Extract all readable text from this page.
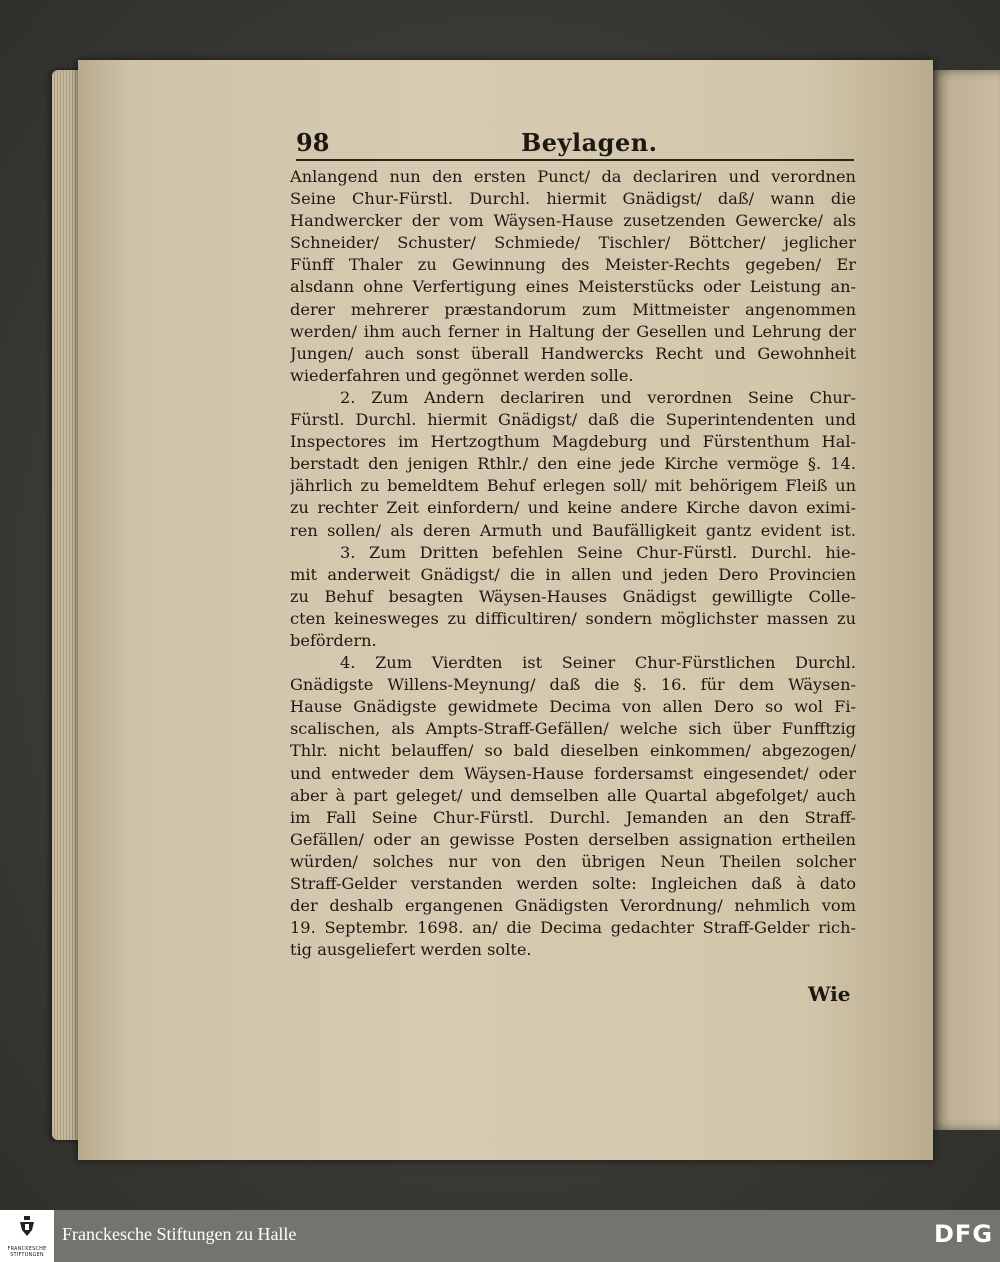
98	Beylagen.
Anlangend nun den ersten Punct/ da declariren und verordnen
Seine Chur-Fürstl. Durchl. hiermit Gnädigst/ daß/ wann die
Handwercker der vom Wäysen-Hause zusetzenden Gewercke/ als
Schneider/ Schuster/ Schmiede/ Tischler/ Böttcher/ jeglicher
Fünff Thaler zu Gewinnung des Meister-Rechts gegeben/ Er
alsdann ohne Verfertigung eines Meisterstücks oder Leistung an-
derer mehrerer præstandorum zum Mittmeister angenommen
werden/ ihm auch ferner in Haltung der Gesellen und Lehrung der
Jungen/ auch sonst überall Handwercks Recht und Gewohnheit
wiederfahren und gegönnet werden solle.
2. Zum Andern declariren und verordnen Seine Chur-
Fürstl. Durchl. hiermit Gnädigst/ daß die Superintendenten und
Inspectores im Hertzogthum Magdeburg und Fürstenthum Hal-
berstadt den jenigen Rthlr./ den eine jede Kirche vermöge §. 14.
jährlich zu bemeldtem Behuf erlegen soll/ mit behörigem Fleiß un
zu rechter Zeit einfordern/ und keine andere Kirche davon eximi-
ren sollen/ als deren Armuth und Baufälligkeit gantz evident ist.
3. Zum Dritten befehlen Seine Chur-Fürstl. Durchl. hie-
mit anderweit Gnädigst/ die in allen und jeden Dero Provincien
zu Behuf besagten Wäysen-Hauses Gnädigst gewilligte Colle-
cten keinesweges zu difficultiren/ sondern möglichster massen zu
befördern.
4. Zum Vierdten ist Seiner Chur-Fürstlichen Durchl.
Gnädigste Willens-Meynung/ daß die §. 16. für dem Wäysen-
Hause Gnädigste gewidmete Decima von allen Dero so wol Fi-
scalischen, als Ampts-Straff-Gefällen/ welche sich über Funfftzig
Thlr. nicht belauffen/ so bald dieselben einkommen/ abgezogen/
und entweder dem Wäysen-Hause fordersamst eingesendet/ oder
aber à part geleget/ und demselben alle Quartal abgefolget/ auch
im Fall Seine Chur-Fürstl. Durchl. Jemanden an den Straff-
Gefällen/ oder an gewisse Posten derselben assignation ertheilen
würden/ solches nur von den übrigen Neun Theilen solcher
Straff-Gelder verstanden werden solte: Ingleichen daß à dato
der deshalb ergangenen Gnädigsten Verordnung/ nehmlich vom
19. Septembr. 1698. an/ die Decima gedachter Straff-Gelder rich-
tig ausgeliefert werden solte.
Wie
FRANCKESCHE STIFTUNGEN
Franckesche Stiftungen zu Halle	DFG
